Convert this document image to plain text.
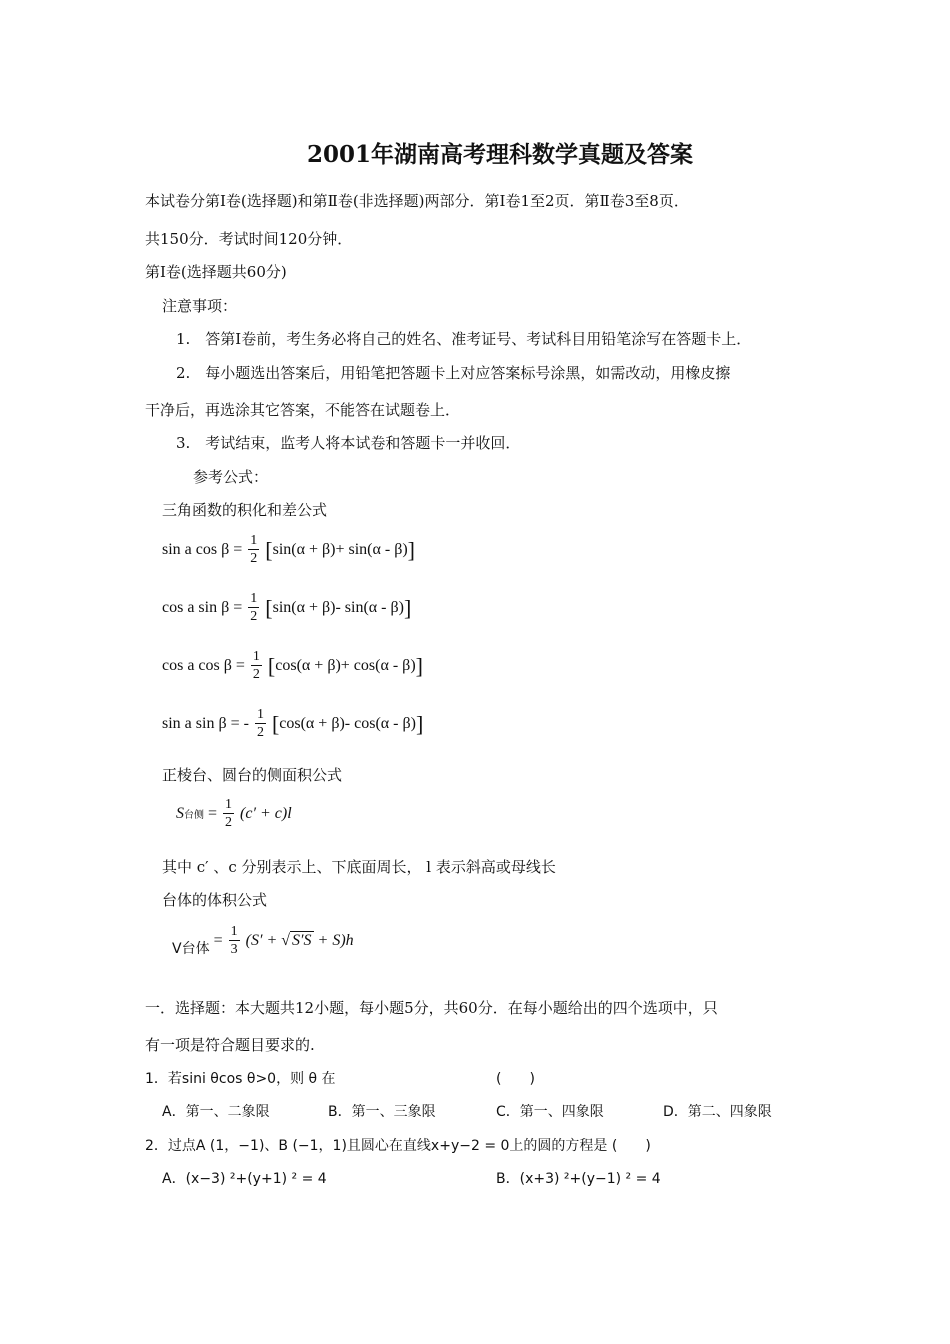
2001年湖南高考理科数学真题及答案
本试卷分第Ⅰ卷(选择题)和第Ⅱ卷(非选择题)两部分．第Ⅰ卷1至2页．第Ⅱ卷3至8页．
共150分．考试时间120分钟．
第Ⅰ卷(选择题共60分)
注意事项：
1.　答第Ⅰ卷前，考生务必将自己的姓名、准考证号、考试科目用铅笔涂写在答题卡上．
2.　每小题选出答案后，用铅笔把答题卡上对应答案标号涂黑，如需改动，用橡皮擦
干净后，再选涂其它答案，不能答在试题卷上．
3.　考试结束，监考人将本试卷和答题卡一并收回．
参考公式：
三角函数的积化和差公式
sin a $\cos \beta = \frac{1}{2} [\sin(\alpha + \beta)+ \sin(\alpha - \beta)]$
cos a $\sin \beta = \frac{1}{2} [\sin(\alpha + \beta)-$ sin(α - β)]
cos a $\cos \beta = \frac{1}{2} [\cos(\alpha + \beta)+ \cos(\alpha - \beta)]$
sin a sin β = - $\frac{1}{2} [\cos(\alpha + \beta)-$ cos(α - β)]
正棱台、圆台的侧面积公式
S台侧 = $\frac{1}{2} (c' + c)l$
其中 c′ 、c 分别表示上、下底面周长， l 表示斜高或母线长
台体的体积公式
V台体 = $\frac{1}{3} (S'$ + √ S′S + S)h
一．选择题：本大题共12小题，每小题5分，共60分．在每小题给出的四个选项中，只
有一项是符合题目要求的.
1．若sini θcos θ>0，则 θ 在	(　　)
A．第一、二象限	B．第一、三象限	C．第一、四象限	D．第二、四象限
2．过点A (1，−1)、B (−1，1)且圆心在直线x+y−2 = 0上的圆的方程是 (　　)
A．(x−3) ²+(y+1) ² = 4	B．(x+3) ²+(y−1) ² = 4
